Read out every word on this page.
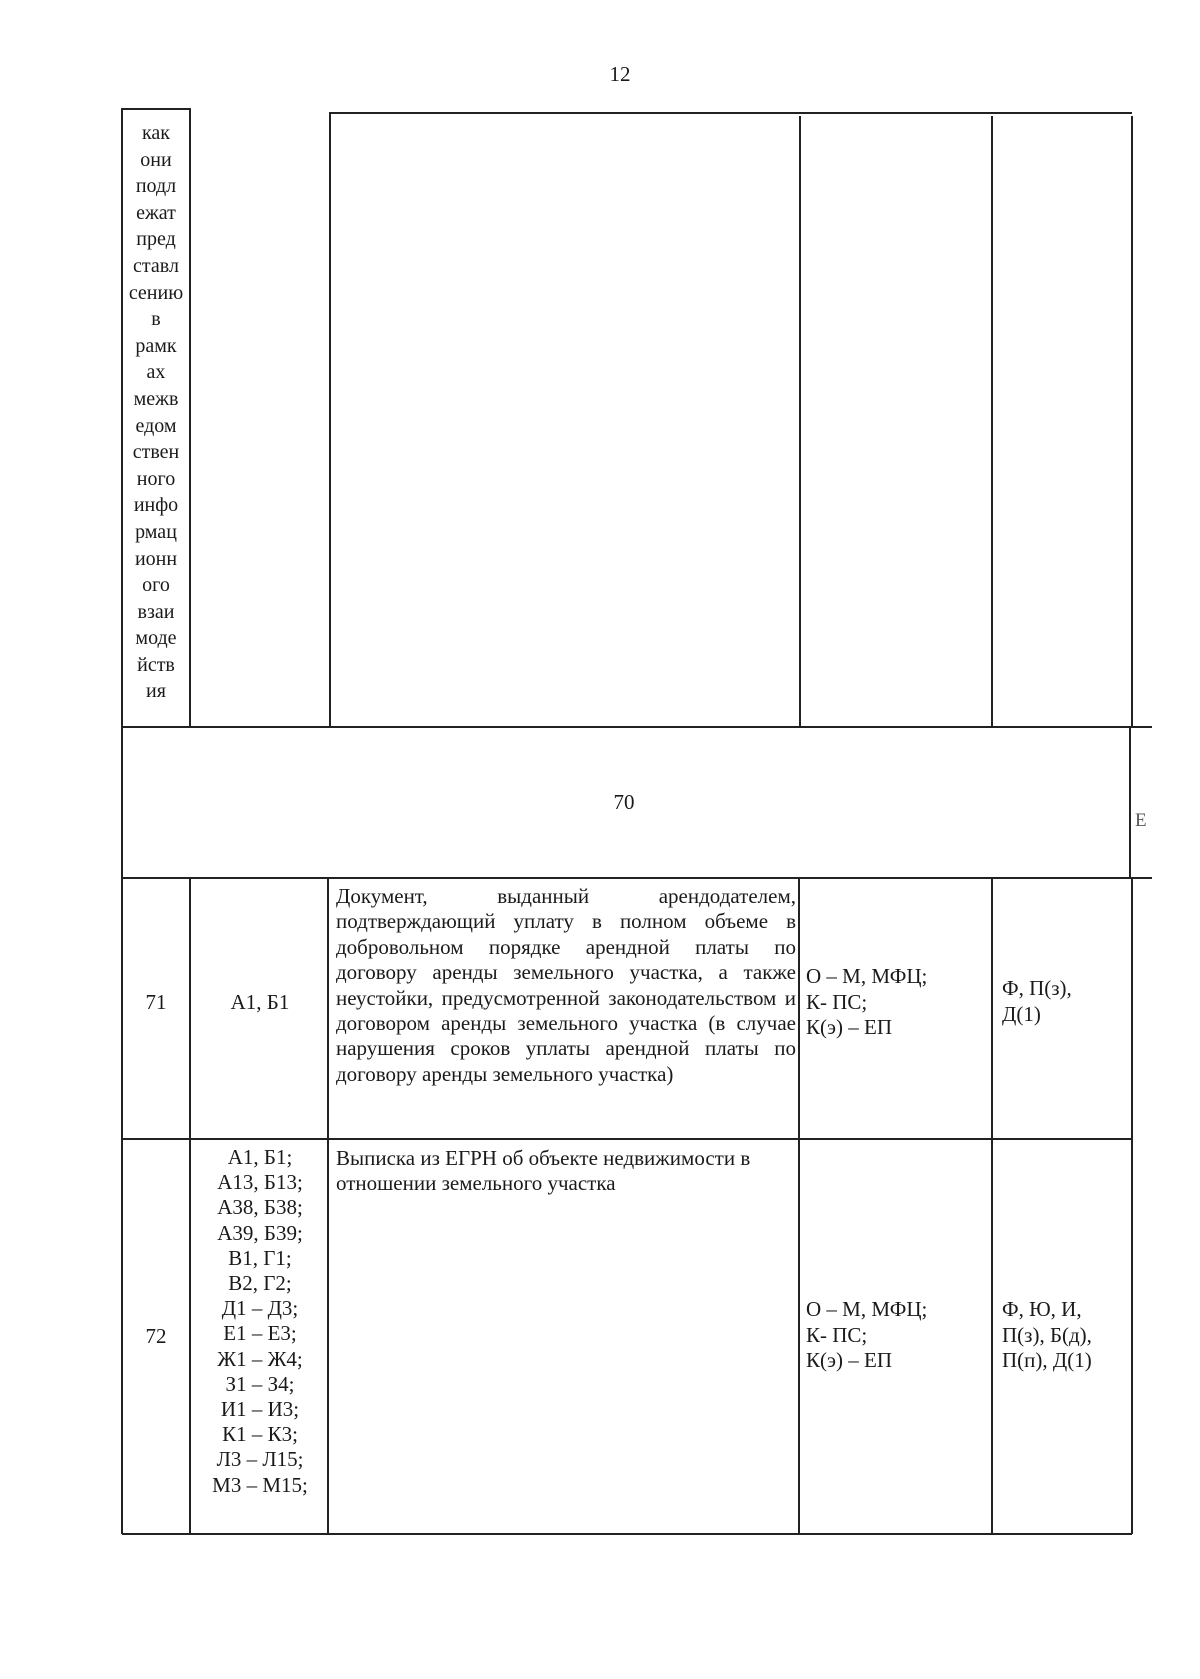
12
как
они
подл
ежат
пред
ставл
сению
в
рамк
ах
межв
едом
ствен
ного
инфо
рмац
ионн
ого
взаи
моде
йств
ия
70
Е
71	А1, Б1
Документ, выданный арендодателем, подтверждающий уплату в полном объеме в добровольном порядке арендной платы по договору аренды земельного участка, а также неустойки, предусмотренной законодательством и договором аренды земельного участка (в случае нарушения сроков уплаты арендной платы по договору аренды земельного участка)
О – М, МФЦ;
К- ПС;
К(э) – ЕП
Ф, П(з),
Д(1)
72
А1, Б1;
А13, Б13;
А38, Б38;
А39, Б39;
В1, Г1;
В2, Г2;
Д1 – Д3;
Е1 – Е3;
Ж1 – Ж4;
З1 – З4;
И1 – И3;
К1 – К3;
Л3 – Л15;
М3 – М15;
Выписка из ЕГРН об объекте недвижимости в отношении земельного участка
О – М, МФЦ;
К- ПС;
К(э) – ЕП
Ф, Ю, И,
П(з), Б(д),
П(п), Д(1)
